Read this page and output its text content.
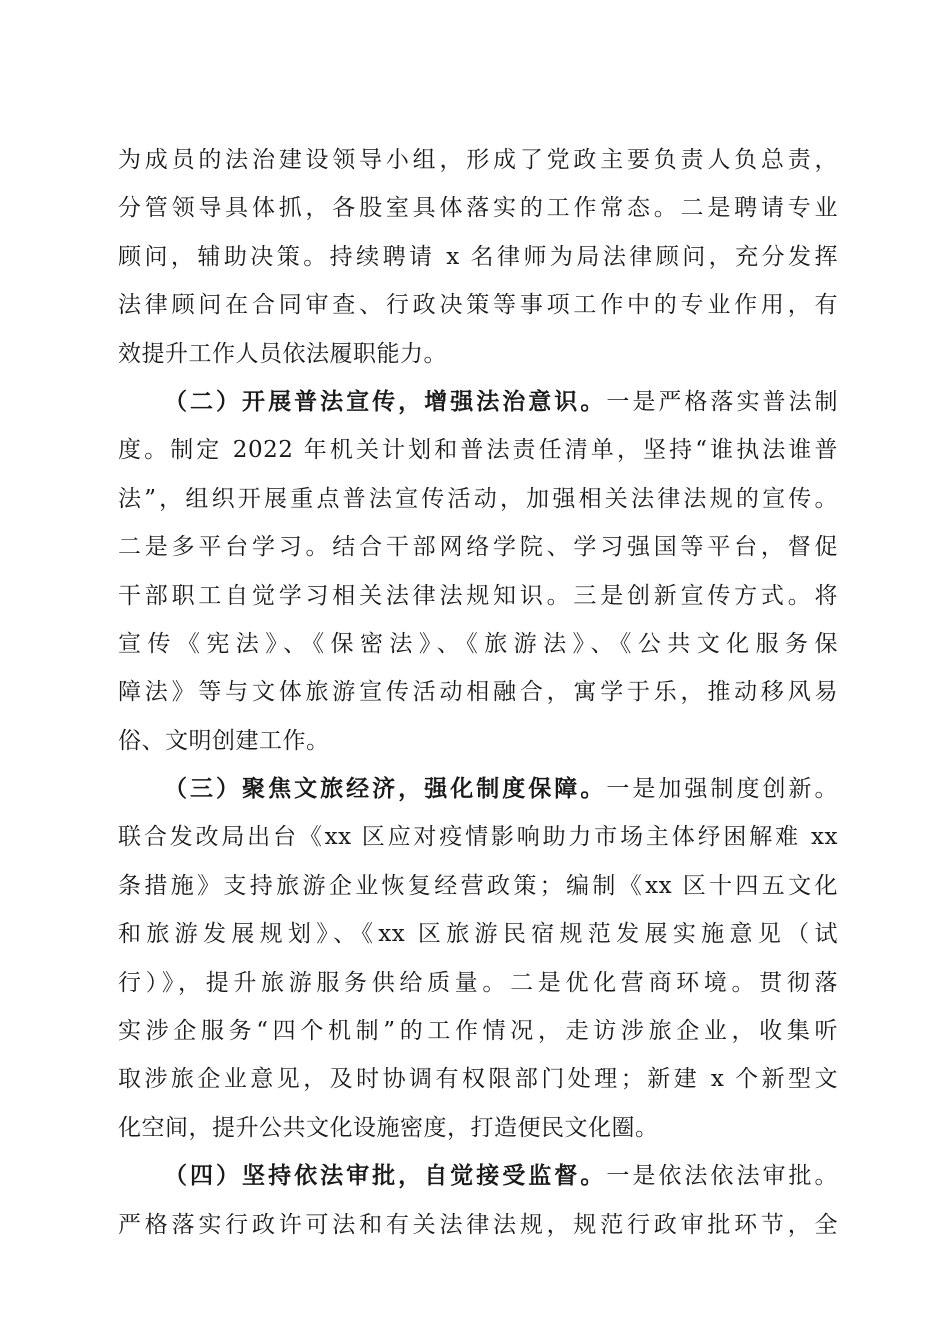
为成员的法治建设领导小组，形成了党政主要负责人负总责，
分管领导具体抓，各股室具体落实的工作常态。二是聘请专业
顾问，辅助决策。持续聘请 x 名律师为局法律顾问，充分发挥
法律顾问在合同审查、行政决策等事项工作中的专业作用，有
效提升工作人员依法履职能力。
（二）开展普法宣传，增强法治意识。一是严格落实普法制
度。制定 2022 年机关计划和普法责任清单，坚持“谁执法谁普
法”，组织开展重点普法宣传活动，加强相关法律法规的宣传。
二是多平台学习。结合干部网络学院、学习强国等平台，督促
干部职工自觉学习相关法律法规知识。三是创新宣传方式。将
宣传《宪法》、《保密法》、《旅游法》、《公共文化服务保
障法》等与文体旅游宣传活动相融合，寓学于乐，推动移风易
俗、文明创建工作。
（三）聚焦文旅经济，强化制度保障。一是加强制度创新。
联合发改局出台《xx 区应对疫情影响助力市场主体纾困解难 xx
条措施》支持旅游企业恢复经营政策；编制《xx 区十四五文化
和旅游发展规划》、《xx 区旅游民宿规范发展实施意见（试
行）》，提升旅游服务供给质量。二是优化营商环境。贯彻落
实涉企服务“四个机制”的工作情况，走访涉旅企业，收集听
取涉旅企业意见，及时协调有权限部门处理；新建 x 个新型文
化空间，提升公共文化设施密度，打造便民文化圈。
（四）坚持依法审批，自觉接受监督。一是依法依法审批。
严格落实行政许可法和有关法律法规，规范行政审批环节，全
